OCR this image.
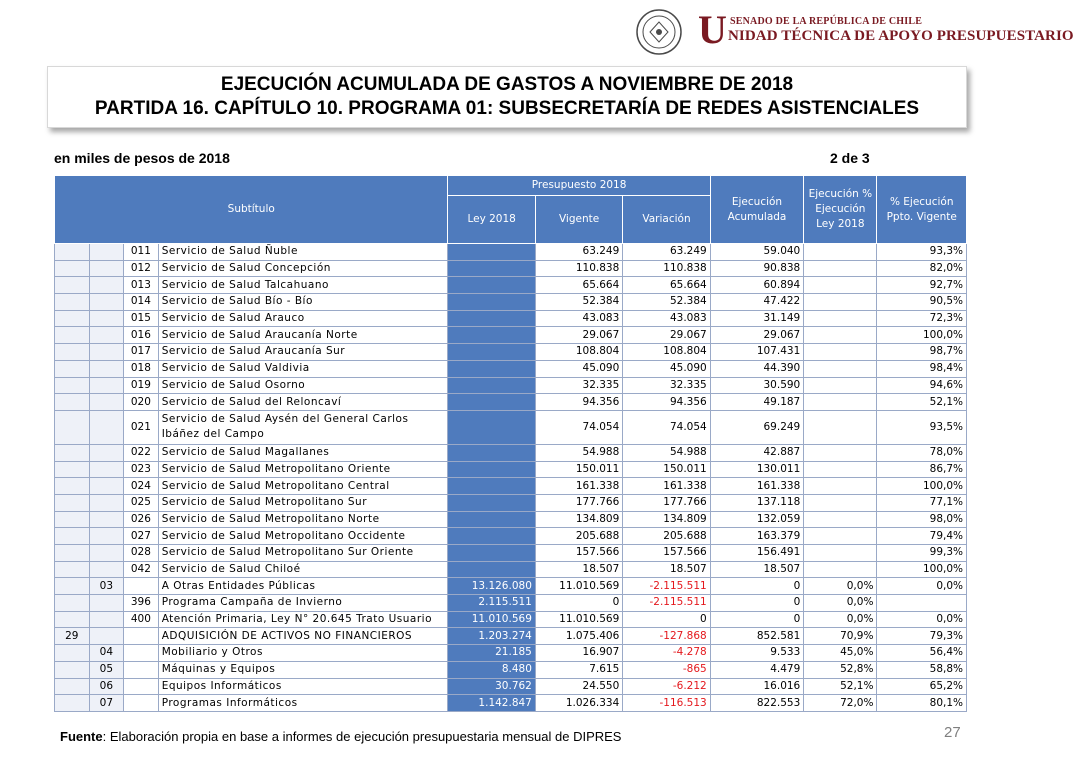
U SENADO DE LA REPÚBLICA DE CHILE
NIDAD TÉCNICA DE APOYO PRESUPUESTARIO
EJECUCIÓN ACUMULADA DE GASTOS A NOVIEMBRE DE 2018
PARTIDA 16. CAPÍTULO 10. PROGRAMA 01: SUBSECRETARÍA DE REDES ASISTENCIALES
en miles de pesos de 2018	2 de 3
Subtítulo				Presupuesto 2018			Ejecución Acumulada	Ejecución % Ejecución Ley 2018	% Ejecución Ppto. Vigente
				Ley 2018	Vigente	Variación			
		011	Servicio de Salud Ñuble		63.249	63.249	59.040		93,3%
		012	Servicio de Salud Concepción		110.838	110.838	90.838		82,0%
		013	Servicio de Salud Talcahuano		65.664	65.664	60.894		92,7%
		014	Servicio de Salud Bío - Bío		52.384	52.384	47.422		90,5%
		015	Servicio de Salud Arauco		43.083	43.083	31.149		72,3%
		016	Servicio de Salud Araucanía Norte		29.067	29.067	29.067		100,0%
		017	Servicio de Salud Araucanía Sur		108.804	108.804	107.431		98,7%
		018	Servicio de Salud Valdivia		45.090	45.090	44.390		98,4%
		019	Servicio de Salud Osorno		32.335	32.335	30.590		94,6%
		020	Servicio de Salud del Reloncaví		94.356	94.356	49.187		52,1%
		021	Servicio de Salud Aysén del General Carlos Ibáñez del Campo		74.054	74.054	69.249		93,5%
		022	Servicio de Salud Magallanes		54.988	54.988	42.887		78,0%
		023	Servicio de Salud Metropolitano Oriente		150.011	150.011	130.011		86,7%
		024	Servicio de Salud Metropolitano Central		161.338	161.338	161.338		100,0%
		025	Servicio de Salud Metropolitano Sur		177.766	177.766	137.118		77,1%
		026	Servicio de Salud Metropolitano Norte		134.809	134.809	132.059		98,0%
		027	Servicio de Salud Metropolitano Occidente		205.688	205.688	163.379		79,4%
		028	Servicio de Salud Metropolitano Sur Oriente		157.566	157.566	156.491		99,3%
		042	Servicio de Salud Chiloé		18.507	18.507	18.507		100,0%
	03		A Otras Entidades Públicas	13.126.080	11.010.569	-2.115.511	0	0,0%	0,0%
		396	Programa Campaña de Invierno	2.115.511	0	-2.115.511	0	0,0%	
		400	Atención Primaria, Ley N° 20.645 Trato Usuario	11.010.569	11.010.569	0	0	0,0%	0,0%
29			ADQUISICIÓN DE ACTIVOS NO FINANCIEROS	1.203.274	1.075.406	-127.868	852.581	70,9%	79,3%
	04		Mobiliario y Otros	21.185	16.907	-4.278	9.533	45,0%	56,4%
	05		Máquinas y Equipos	8.480	7.615	-865	4.479	52,8%	58,8%
	06		Equipos Informáticos	30.762	24.550	-6.212	16.016	52,1%	65,2%
	07		Programas Informáticos	1.142.847	1.026.334	-116.513	822.553	72,0%	80,1%
Fuente: Elaboración propia en base a informes de ejecución presupuestaria mensual de DIPRES	27
